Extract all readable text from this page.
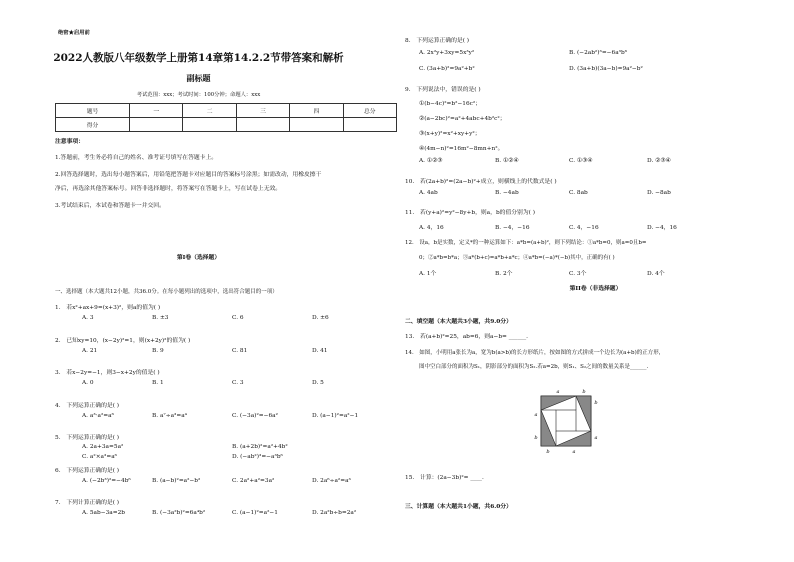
绝密★启用前
2022人教版八年级数学上册第14章第14.2.2节带答案和解析
副标题
考试范围：xxx；考试时间：100分钟；命题人：xxx
题号	一	二	三	四	总分
得分					
注意事项：
1.答题前，考生务必将自己的姓名、准考证号填写在答题卡上。
2.回答选择题时，选出每小题答案后，用铅笔把答题卡对应题目的答案标号涂黑；如需改动，用橡皮擦干
净后，再选涂其他答案标号。回答非选择题时，将答案写在答题卡上，写在试卷上无效。
3.考试结束后，本试卷和答题卡一并交回。
第I卷（选择题）
一、选择题（本大题共12小题，共36.0分。在每小题列出的选项中，选出符合题目的一项）
1.　若x²+ax+9=(x+3)²，则a的值为( )
A. 3	B. ±3	C. 6	D. ±6
2.　已知xy=10，(x−2y)²=1，则(x+2y)²的值为( )
A. 21	B. 9	C. 81	D. 41
3.　若x−2y=−1，则3−x+2y的值是( )
A. 0	B. 1	C. 3	D. 5
4.　下列运算正确的是( )
A. a³·a²=a⁶	B. a⁷÷a³=a⁴	C. (−3a)²=−6a²	D. (a−1)²=a²−1
5.　下列运算正确的是( )
A. 2a+3a=5a²	B. (a+2b)²=a²+4b²
C. a²×a³=a⁶	D. (−ab²)³=−a³b⁶
6.　下列运算正确的是( )
A. (−2b³)²=−4b⁶	B. (a−b)²=a²−b²	C. 2a²+a²=3a²	D. 2a⁶÷a²=a³
7.　下列计算正确的是( )
A. 5ab−3a=2b	B. (−3a²b)²=6a⁴b²	C. (a−1)²=a²−1	D. 2a²b÷b=2a²
8.　下列运算正确的是( )
A. 2x²y+3xy=5x³y²	B. (−2ab²)³=−6a³b⁶
C. (3a+b)²=9a²+b²	D. (3a+b)(3a−b)=9a²−b²
9.　下列说法中，错误的是( )
①(b−4c)²=b²−16c²；
②(a−2bc)²=a²+4abc+4b²c²；
③(x+y)²=x²+xy+y²；
④(4m−n)²=16m²−8mn+n²。
A. ①②③	B. ①②④	C. ①③④	D. ②③④
10.　若(2a+b)²=(2a−b)²+成立，则横线上的代数式是( )
A. 4ab	B. −4ab	C. 8ab	D. −8ab
11.　若(y+a)²=y²−8y+b，则a，b的值分别为( )
A. 4，16	B. −4，−16	C. 4，−16	D. −4，16
12.　设a，b是实数，定义*的一种运算如下：a*b=(a+b)²，则下列结论：①a*b=0，则a=0且b=
0；②a*b=b*a；③a*(b+c)=a*b+a*c；④a*b=(−a)*(−b)其中，正确的有( )
A. 1个	B. 2个	C. 3个	D. 4个
第II卷（非选择题）
二、填空题（本大题共3小题，共9.0分）
13.　若(a+b)²=25，ab=6，则a−b= ______.
14.　如图，小明用a张长为a，宽为b(a>b)的长方形纸片，按如图的方式拼成一个边长为(a+b)的正方形，
图中空白部分的面积为S₁，阴影部分的面积为S₂.若a=2b，则S₁、S₂之间的数量关系是______.
a	b
b
a
a
b
b
a
15.　计算：(2a−3b)²= ____.
三、计算题（本大题共1小题，共6.0分）
